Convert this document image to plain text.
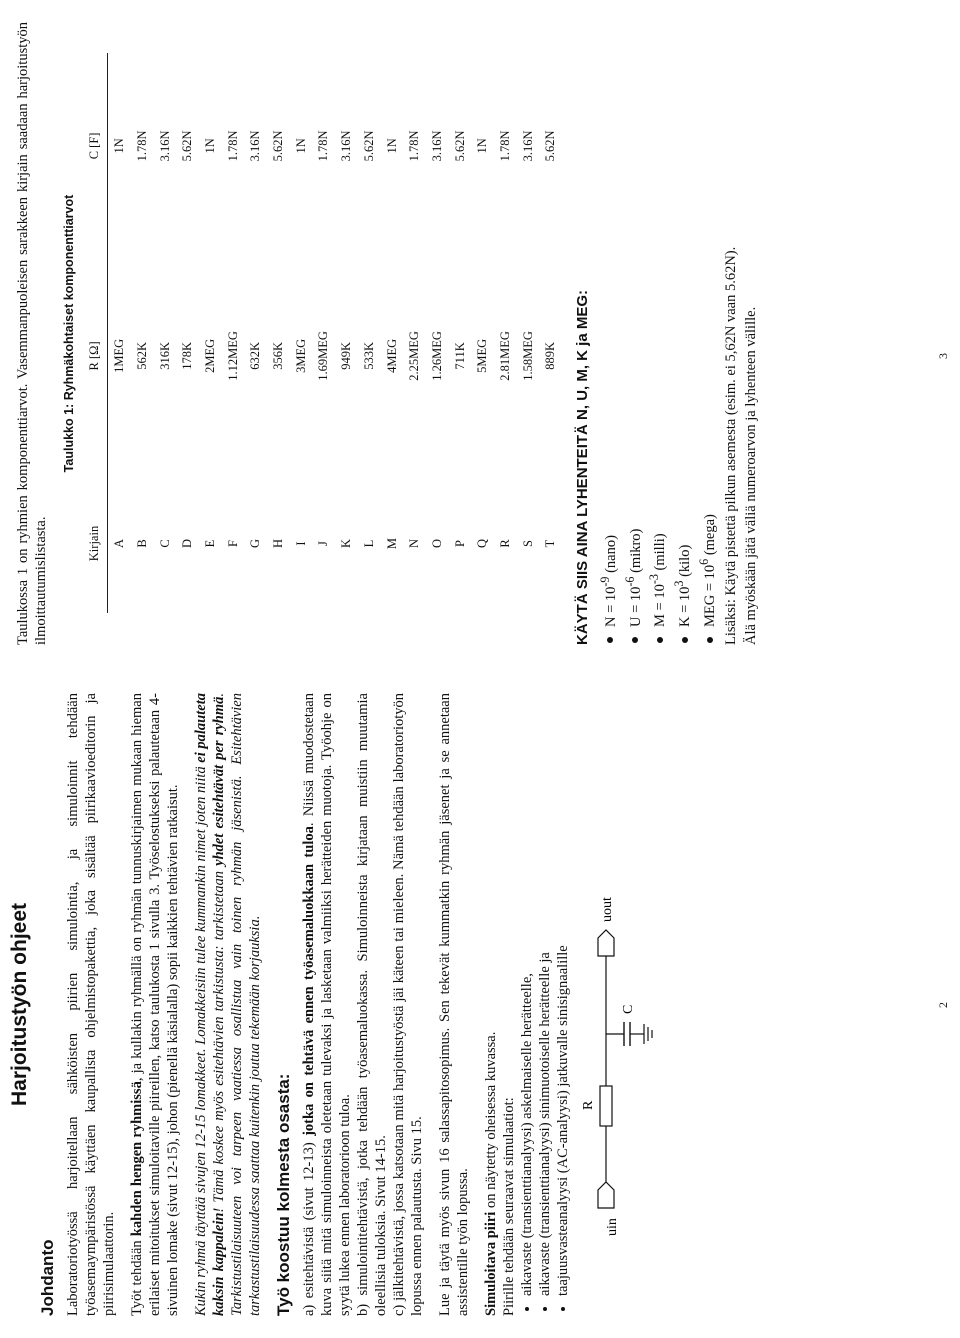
Harjoitustyön ohjeet
Johdanto Laboratoriotyössä harjoitellaan sähköisten piirien simulointia, ja simuloinnit tehdään työasemaympäristössä käyttäen kaupallista ohjelmistopakettia, joka sisältää piirikaavioeditorin ja piirisimulaattorin. Työt tehdään kahden hengen ryhmissä, ja kullakin ryhmällä on ryhmän tunnuskirjaimen mukaan hieman erilaiset mitoitukset simuloitaville piireillen, katso taulukosta 1 sivulla 3. Työselostukseksi palautetaan 4-sivuinen lomake (sivut 12-15), johon (pienellä käsialalla) sopii kaikkien tehtävien ratkaisut. Kukin ryhmä täyttää sivujen 12-15 lomakkeet. Lomakkeisiin tulee kummankin nimet joten niitä ei palauteta kaksin kappalein! Tämä koskee myös esitehtävien tarkistusta: tarkistetaan yhdet esitehtävät per ryhmä. Tarkistustilaisuuteen voi tarpeen vaatiessa osallistua vain toinen ryhmän jäsenistä. Esitehtävien tarkastustilaisuudessa saattaa kuitenkin joutua tekemään korjauksia. Työ koostuu kolmesta osasta: a) esitehtävistä (sivut 12-13) jotka on tehtävä ennen työasemaluokkaan tuloa. Niissä muodostetaan kuva siitä mitä simuloinneista oletetaan tulevaksi ja lasketaan valmiiksi herätteiden muotoja. Työohje on syytä lukea ennen laboratorioon tuloa. b) simulointitehtävistä, jotka tehdään työasemaluokassa. Simuloinneista kirjataan muistiin muutamia oleellisia tuloksia. Sivut 14-15. c) jälkitehtävistä, jossa katsotaan mitä harjoitustyöstä jäi käteen tai mieleen. Nämä tehdään laboratoriotyön lopussa ennen palautusta. Sivu 15. Lue ja täytä myös sivun 16 salassapitosopimus. Sen tekevät kummatkin ryhmän jäsenet ja se annetaan assistentille työn lopussa. Simuloitava piiri on näytetty oheisessa kuvassa. Piirille tehdään seuraavat simulaatiot: • aikavaste (transienttianalyysi) askelmaiselle herätteelle, • aikavaste (transienttianalyysi) sinimuotoiselle herätteelle ja • taajuusvasteanalyysi (AC-analyysi) jatkuvalle sinisignaalille uin
R
C
uout
2

Taulukossa 1 on ryhmien komponenttiarvot. Vasemmanpuoleisen sarakkeen kirjain saadaan harjoitustyön ilmoittautumislistasta.

Taulukko 1: Ryhmäkohtaiset komponenttiarvot
Kirjain	R [Ω]	C [F]
A	1MEG	1N
B	562K	1.78N
C	316K	3.16N
D	178K	5.62N
E	2MEG	1N
F	1.12MEG	1.78N
G	632K	3.16N
H	356K	5.62N
I	3MEG	1N
J	1.69MEG	1.78N
K	949K	3.16N
L	533K	5.62N
M	4MEG	1N
N	2.25MEG	1.78N
O	1.26MEG	3.16N
P	711K	5.62N
Q	5MEG	1N
R	2.81MEG	1.78N
S	1.58MEG	3.16N
T	889K	5.62N
KÄYTÄ SIIS AINA LYHENTEITÄ N, U, M, K ja MEG: $N = 10^{-9}$ (nano)
$U = 10^{-6}$ (mikro)
$M = 10^{-3}$ (milli)
$K = 10^3$ (kilo)
MEG = $10^6$ (mega) Lisäksi: Käytä pistettä pilkun asemesta (esim. ei 5,62N vaan 5.62N). Älä myöskään jätä väliä numeroarvon ja lyhenteen välille.	3
